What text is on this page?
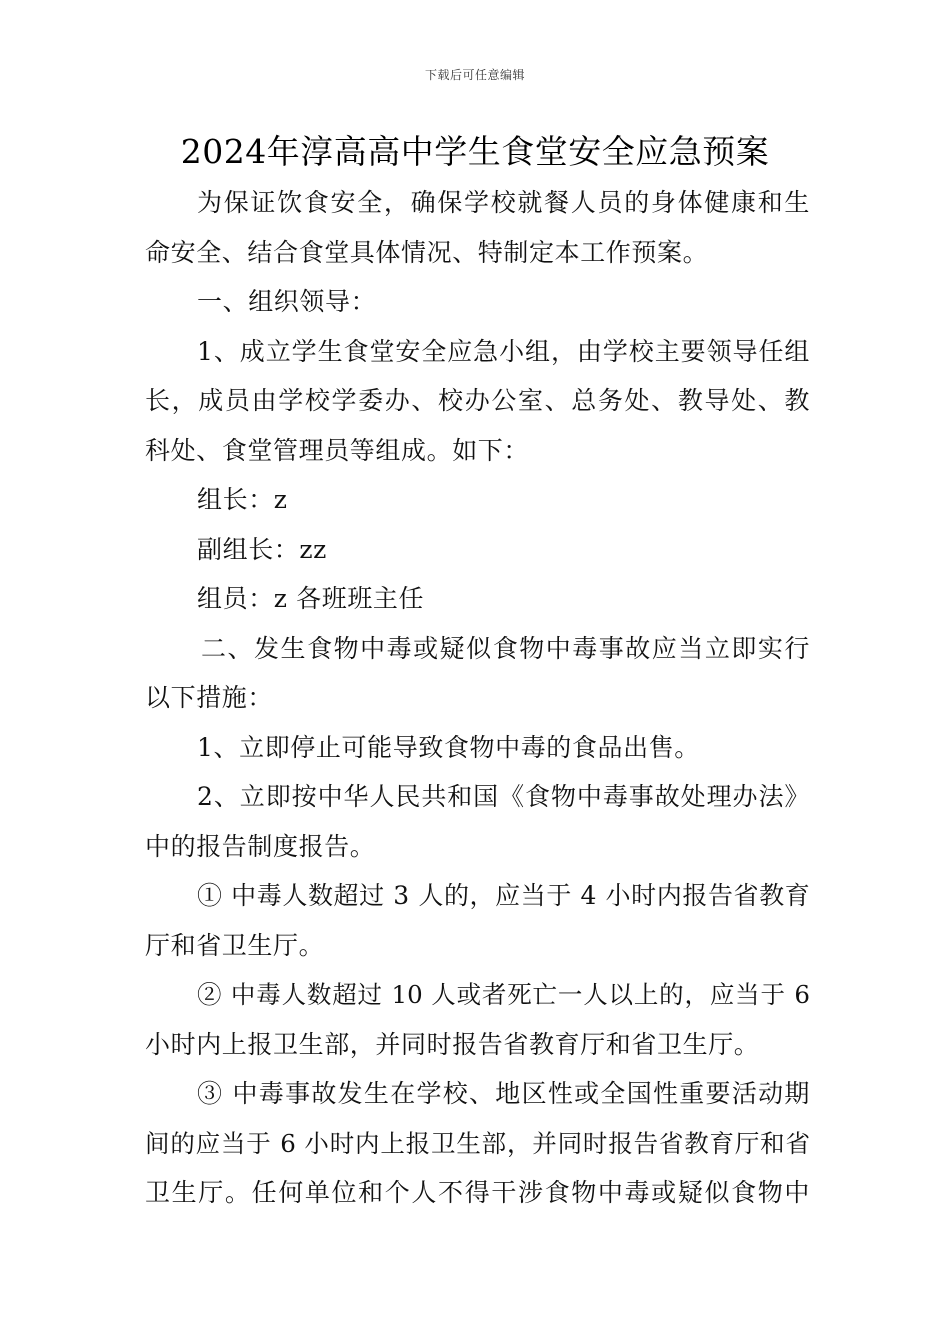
下载后可任意编辑
2024年淳高高中学生食堂安全应急预案
为保证饮食安全，确保学校就餐人员的身体健康和生
命安全、结合食堂具体情况、特制定本工作预案。
一、组织领导：
1、成立学生食堂安全应急小组，由学校主要领导任组
长，成员由学校学委办、校办公室、总务处、教导处、教
科处、食堂管理员等组成。如下：
组长：z
副组长：zz
组员：z 各班班主任
二、发生食物中毒或疑似食物中毒事故应当立即实行
以下措施：
1、立即停止可能导致食物中毒的食品出售。
2、立即按中华人民共和国《食物中毒事故处理办法》
中的报告制度报告。
① 中毒人数超过 3 人的，应当于 4 小时内报告省教育
厅和省卫生厅。
② 中毒人数超过 10 人或者死亡一人以上的，应当于 6
小时内上报卫生部，并同时报告省教育厅和省卫生厅。
③ 中毒事故发生在学校、地区性或全国性重要活动期
间的应当于 6 小时内上报卫生部，并同时报告省教育厅和省
卫生厅。任何单位和个人不得干涉食物中毒或疑似食物中
